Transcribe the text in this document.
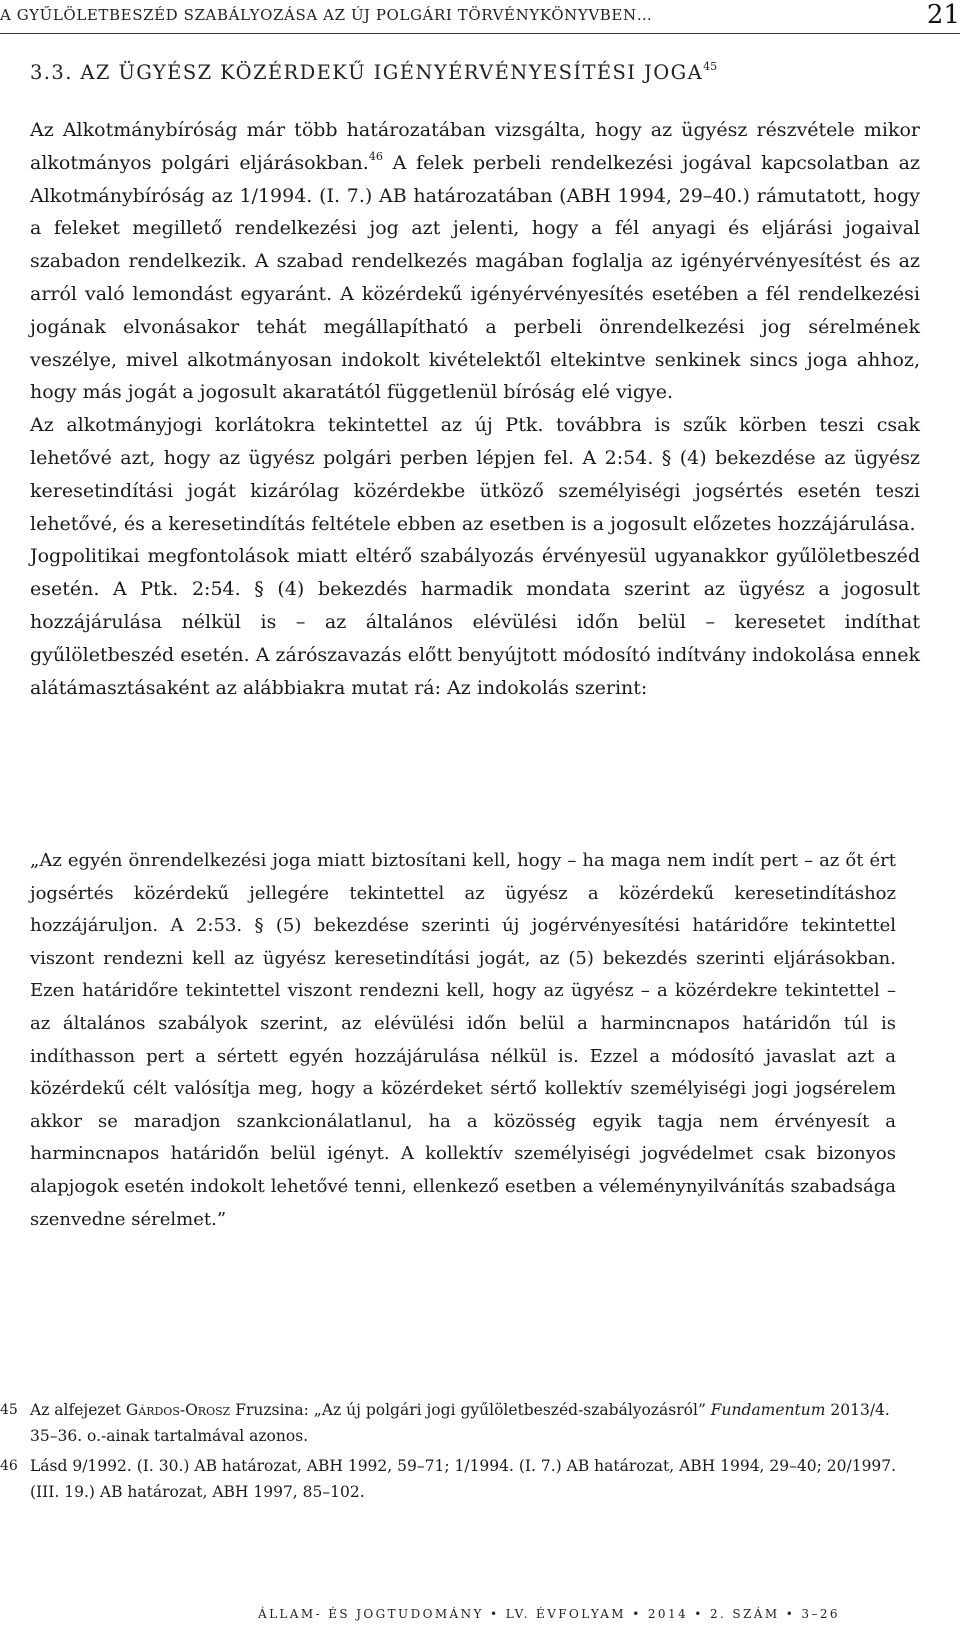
A GYŰLÖLETBESZÉD SZABÁLYOZÁSA AZ ÚJ POLGÁRI TÖRVÉNYKÖNYVBEN…	21
3.3. AZ ÜGYÉSZ KÖZÉRDEKŰ IGÉNYÉRVÉNYESÍTÉSI JOGA$^{45}$

Az Alkotmánybíróság már több határozatában vizsgálta, hogy az ügyész részvétele mikor alkotmányos polgári eljárásokban.$^{46}$ A felek perbeli rendelkezési jogával kapcsolatban az Alkotmánybíróság az 1/1994. (I. 7.) AB határozatában (ABH 1994, 29–40.) rámutatott, hogy a feleket megillető rendelkezési jog azt jelenti, hogy a fél anyagi és eljárási jogaival szabadon rendelkezik. A szabad rendelkezés magában foglalja az igényérvényesítést és az arról való lemondást egyaránt. A közérdekű igényérvényesítés esetében a fél rendelkezési jogának elvonásakor tehát megállapítható a perbeli önrendelkezési jog sérelmének veszélye, mivel alkotmányosan indokolt kivételektől eltekintve senkinek sincs joga ahhoz, hogy más jogát a jogosult akaratától függetlenül bíróság elé vigye.

Az alkotmányjogi korlátokra tekintettel az új Ptk. továbbra is szűk körben teszi csak lehetővé azt, hogy az ügyész polgári perben lépjen fel. A 2:54. § (4) bekezdése az ügyész keresetindítási jogát kizárólag közérdekbe ütköző személyiségi jogsértés esetén teszi lehetővé, és a keresetindítás feltétele ebben az esetben is a jogosult előzetes hozzájárulása.

Jogpolitikai megfontolások miatt eltérő szabályozás érvényesül ugyanakkor gyűlöletbeszéd esetén. A Ptk. 2:54. § (4) bekezdés harmadik mondata szerint az ügyész a jogosult hozzájárulása nélkül is – az általános elévülési időn belül – keresetet indíthat gyűlöletbeszéd esetén. A zárószavazás előtt benyújtott módosító indítvány indokolása ennek alátámasztásaként az alábbiakra mutat rá: Az indokolás szerint:

„Az egyén önrendelkezési joga miatt biztosítani kell, hogy – ha maga nem indít pert – az őt ért jogsértés közérdekű jellegére tekintettel az ügyész a közérdekű keresetindításhoz hozzájáruljon. A 2:53. § (5) bekezdése szerinti új jogérvényesítési határidőre tekintettel viszont rendezni kell az ügyész keresetindítási jogát, az (5) bekezdés szerinti eljárásokban. Ezen határidőre tekintettel viszont rendezni kell, hogy az ügyész – a közérdekre tekintettel – az általános szabályok szerint, az elévülési időn belül a harmincnapos határidőn túl is indíthasson pert a sértett egyén hozzájárulása nélkül is. Ezzel a módosító javaslat azt a közérdekű célt valósítja meg, hogy a közérdeket sértő kollektív személyiségi jogi jogsérelem akkor se maradjon szankcionálatlanul, ha a közösség egyik tagja nem érvényesít a harmincnapos határidőn belül igényt. A kollektív személyiségi jogvédelmet csak bizonyos alapjogok esetén indokolt lehetővé tenni, ellenkező esetben a véleménynyilvánítás szabadsága szenvedne sérelmet.”

45 Az alfejezet Gárdos-Orosz Fruzsina: „Az új polgári jogi gyűlöletbeszéd-szabályozásról” Fundamentum 2013/4. 35–36. o.-ainak tartalmával azonos.
46 Lásd 9/1992. (I. 30.) AB határozat, ABH 1992, 59–71; 1/1994. (I. 7.) AB határozat, ABH 1994, 29–40; 20/1997. (III. 19.) AB határozat, ABH 1997, 85–102.
ÁLLAM- ÉS JOGTUDOMÁNY • LV. ÉVFOLYAM • 2014 • 2. SZÁM • 3–26
